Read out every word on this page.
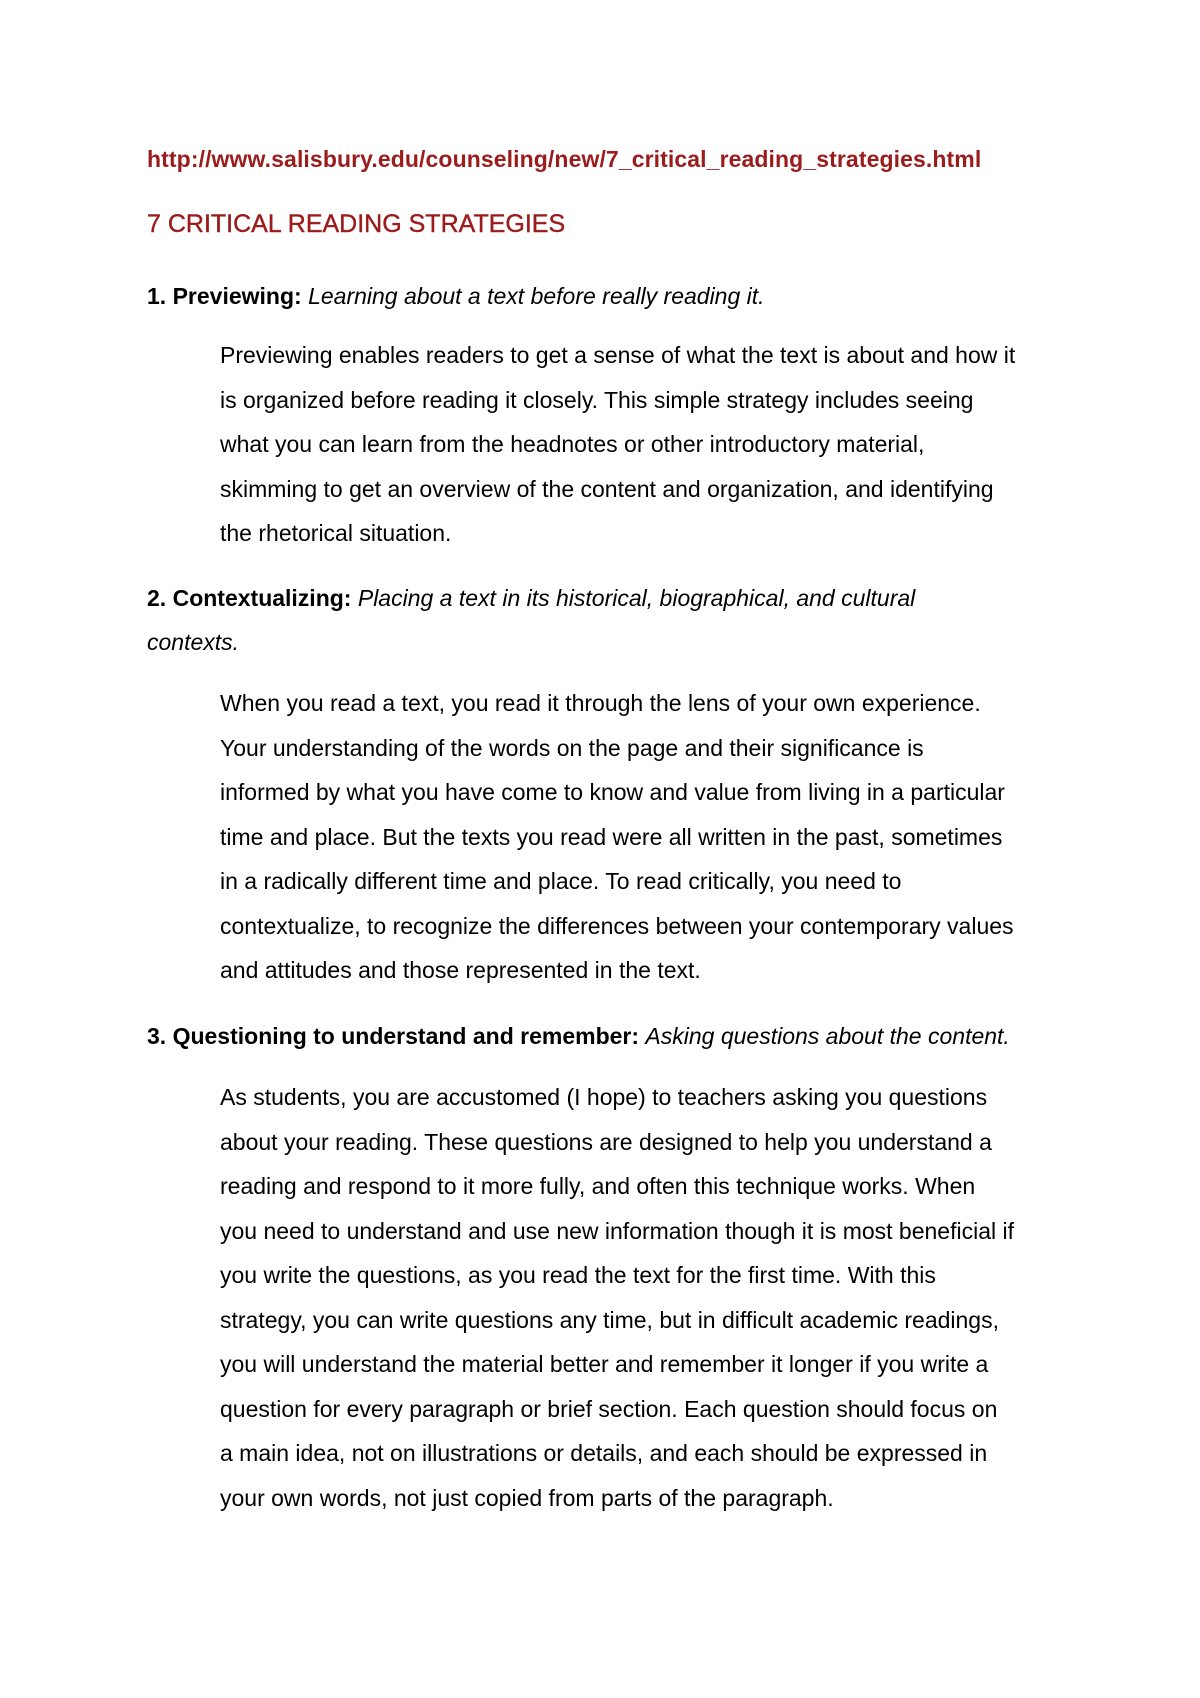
http://www.salisbury.edu/counseling/new/7_critical_reading_strategies.html
7 CRITICAL READING STRATEGIES
1. Previewing: Learning about a text before really reading it.
Previewing enables readers to get a sense of what the text is about and how it
is organized before reading it closely. This simple strategy includes seeing
what you can learn from the headnotes or other introductory material,
skimming to get an overview of the content and organization, and identifying
the rhetorical situation.
2. Contextualizing: Placing a text in its historical, biographical, and cultural contexts.
When you read a text, you read it through the lens of your own experience.
Your understanding of the words on the page and their significance is
informed by what you have come to know and value from living in a particular
time and place. But the texts you read were all written in the past, sometimes
in a radically different time and place. To read critically, you need to
contextualize, to recognize the differences between your contemporary values
and attitudes and those represented in the text.
3. Questioning to understand and remember: Asking questions about the content.
As students, you are accustomed (I hope) to teachers asking you questions
about your reading. These questions are designed to help you understand a
reading and respond to it more fully, and often this technique works. When
you need to understand and use new information though it is most beneficial if
you write the questions, as you read the text for the first time. With this
strategy, you can write questions any time, but in difficult academic readings,
you will understand the material better and remember it longer if you write a
question for every paragraph or brief section. Each question should focus on
a main idea, not on illustrations or details, and each should be expressed in
your own words, not just copied from parts of the paragraph.
